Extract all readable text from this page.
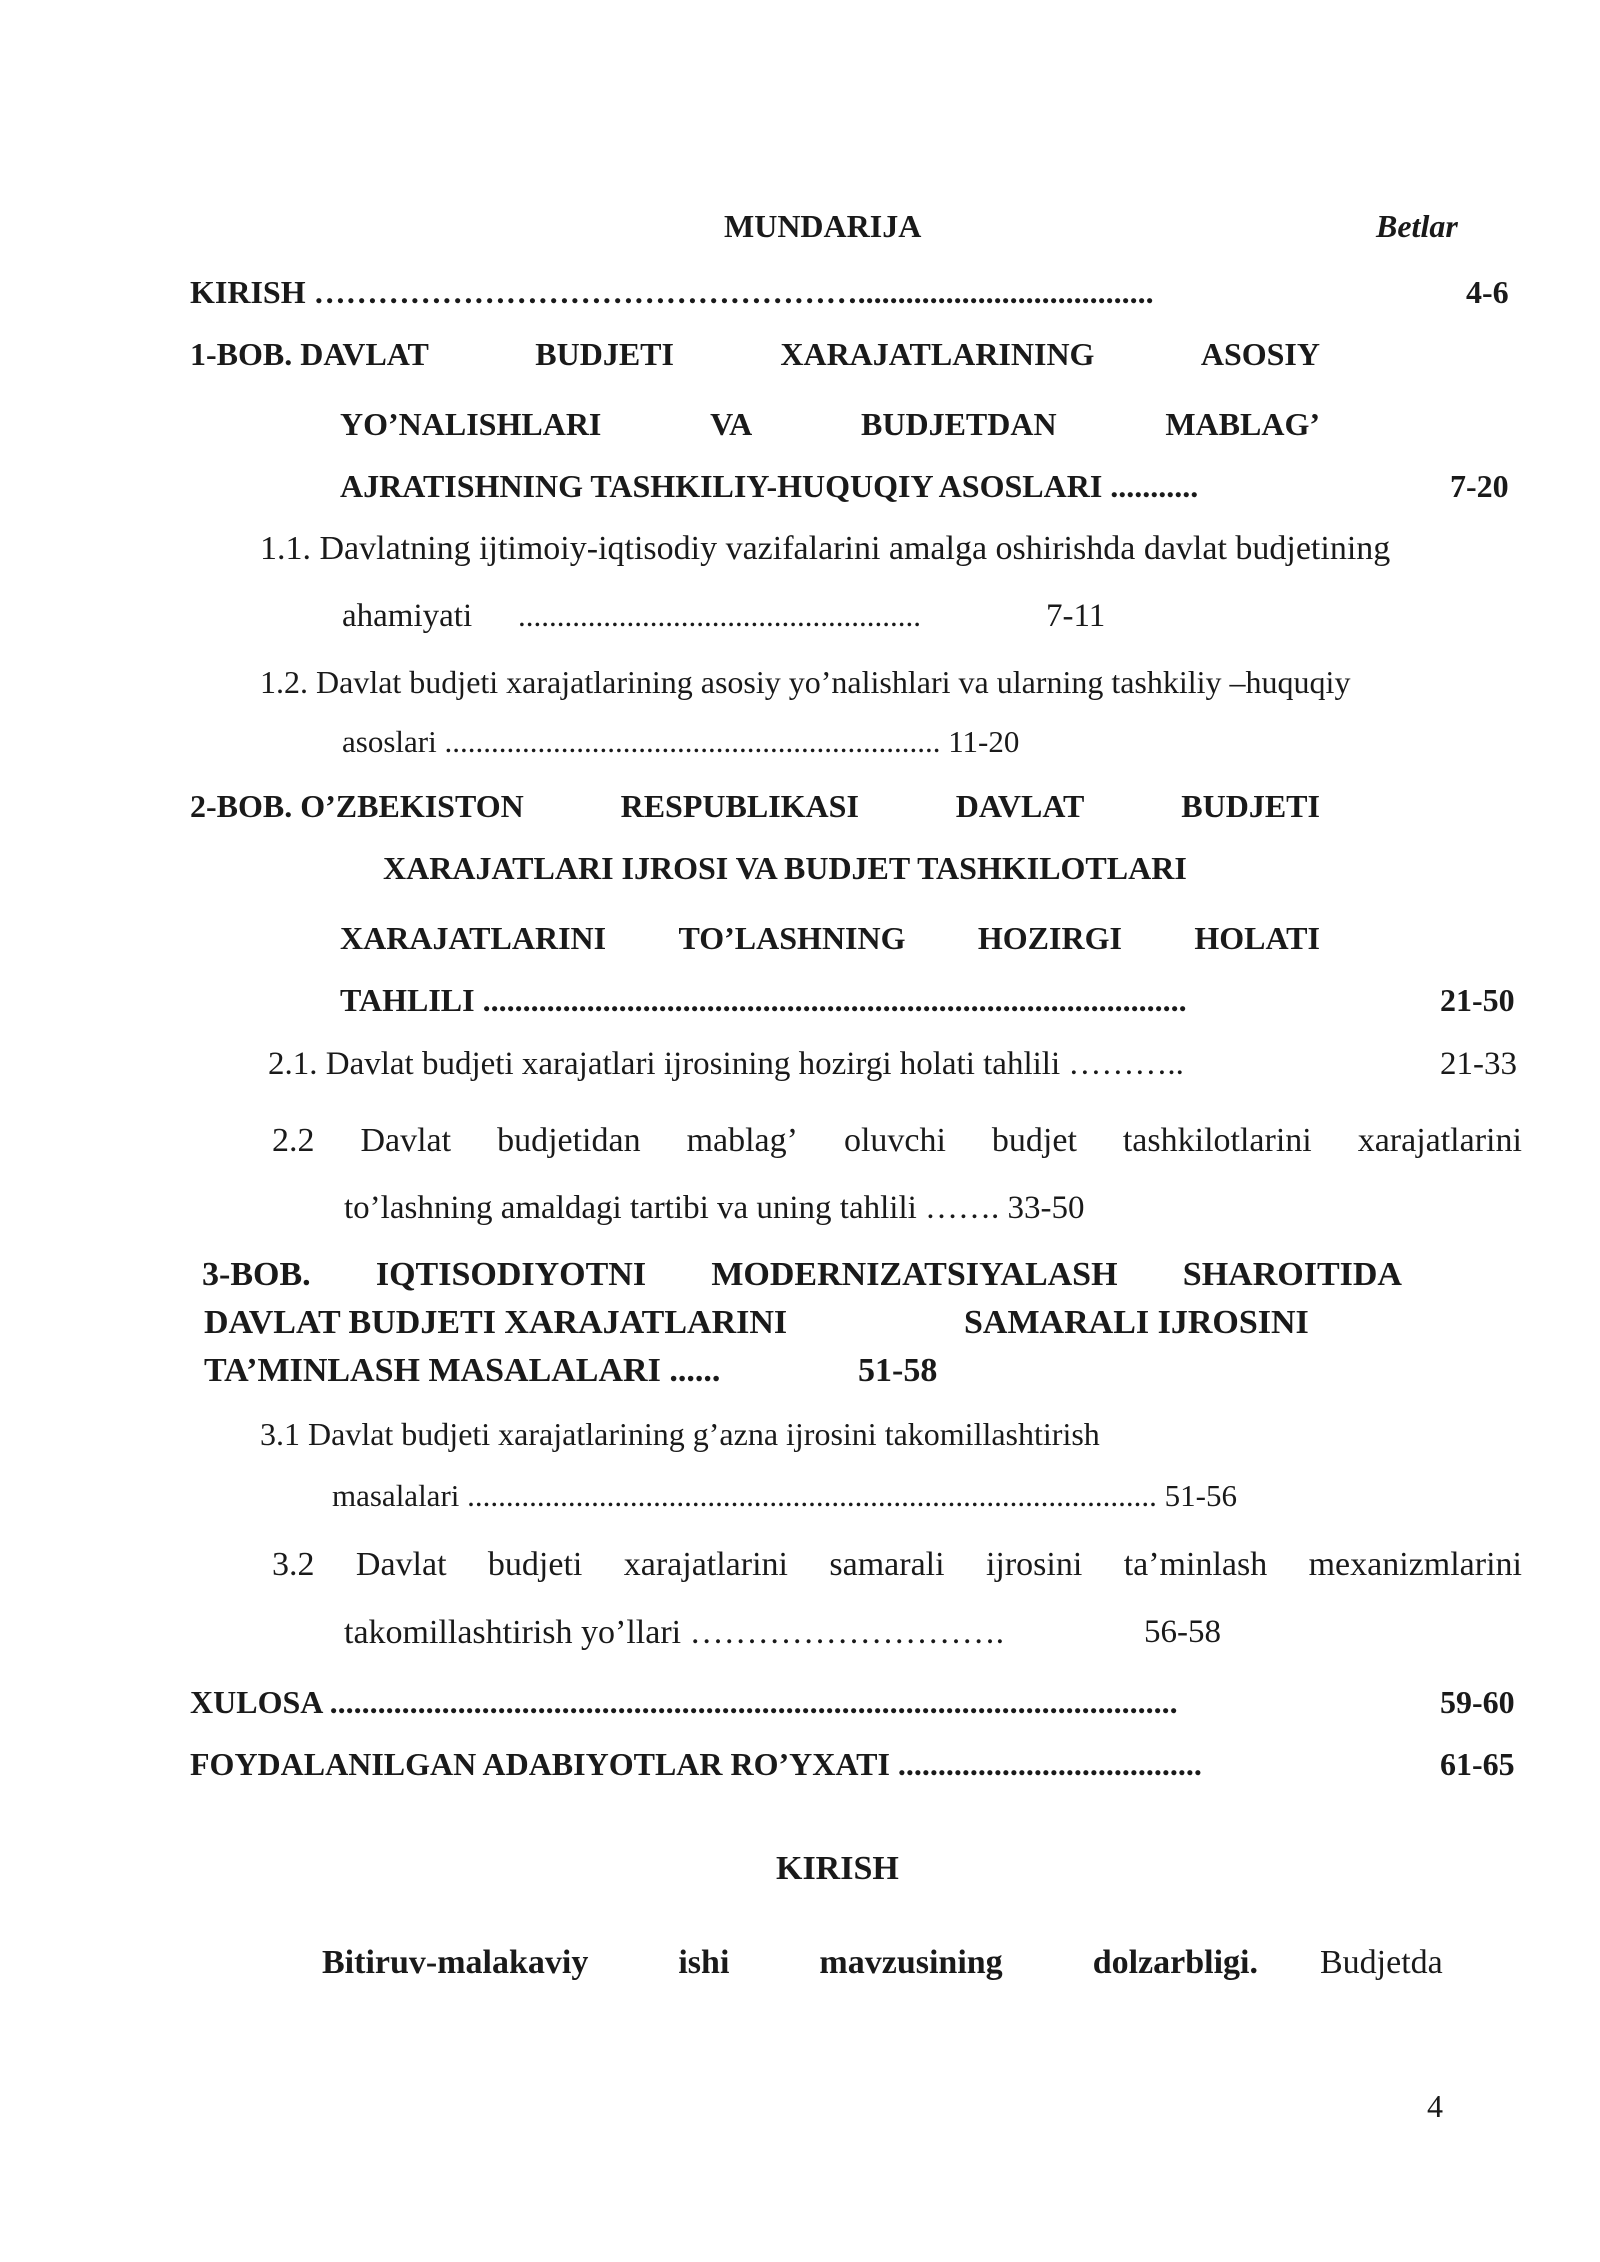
MUNDARIJA	Betlar
KIRISH …………………………………………….....................................	4-6
1-BOB. DAVLAT	BUDJETI	XARAJATLARINING	ASOSIY
YO’NALISHLARI	VA	BUDJETDAN	MABLAG’
AJRATISHNING TASHKILIY-HUQUQIY ASOSLARI ...........	7-20
1.1. Davlatning ijtimoiy-iqtisodiy vazifalarini amalga oshirishda davlat budjetining
ahamiyati ....................................................	7-11
1.2. Davlat budjeti xarajatlarining asosiy yo’nalishlari va ularning tashkiliy –huquqiy
asoslari ................................................................ 11-20
2-BOB. O’ZBEKISTON	RESPUBLIKASI	DAVLAT	BUDJETI
XARAJATLARI IJROSI VA BUDJET TASHKILOTLARI
XARAJATLARINI TO’LASHNING HOZIRGI HOLATI
TAHLILI ........................................................................................	21-50
2.1. Davlat budjeti xarajatlari ijrosining hozirgi holati tahlili ………..	21-33
2.2 Davlat budjetidan mablag’ oluvchi budjet tashkilotlarini xarajatlarini
to’lashning amaldagi tartibi va uning tahlili ……. 33-50
3-BOB. IQTISODIYOTNI MODERNIZATSIYALASH SHAROITIDA
DAVLAT BUDJETI XARAJATLARINI	SAMARALI IJROSINI
TA’MINLASH MASALALARI ......	51-58
3.1 Davlat budjeti xarajatlarining g’azna ijrosini takomillashtirish
masalalari ......................................................................................... 51-56
3.2 Davlat budjeti xarajatlarini samarali ijrosini ta’minlash mexanizmlarini
takomillashtirish yo’llari ……………………….	56-58
XULOSA ..........................................................................................................	59-60
FOYDALANILGAN ADABIYOTLAR RO’YXATI ......................................	61-65
KIRISH
Bitiruv-malakaviy	ishi	mavzusining	dolzarbligi. Budjetda
4
